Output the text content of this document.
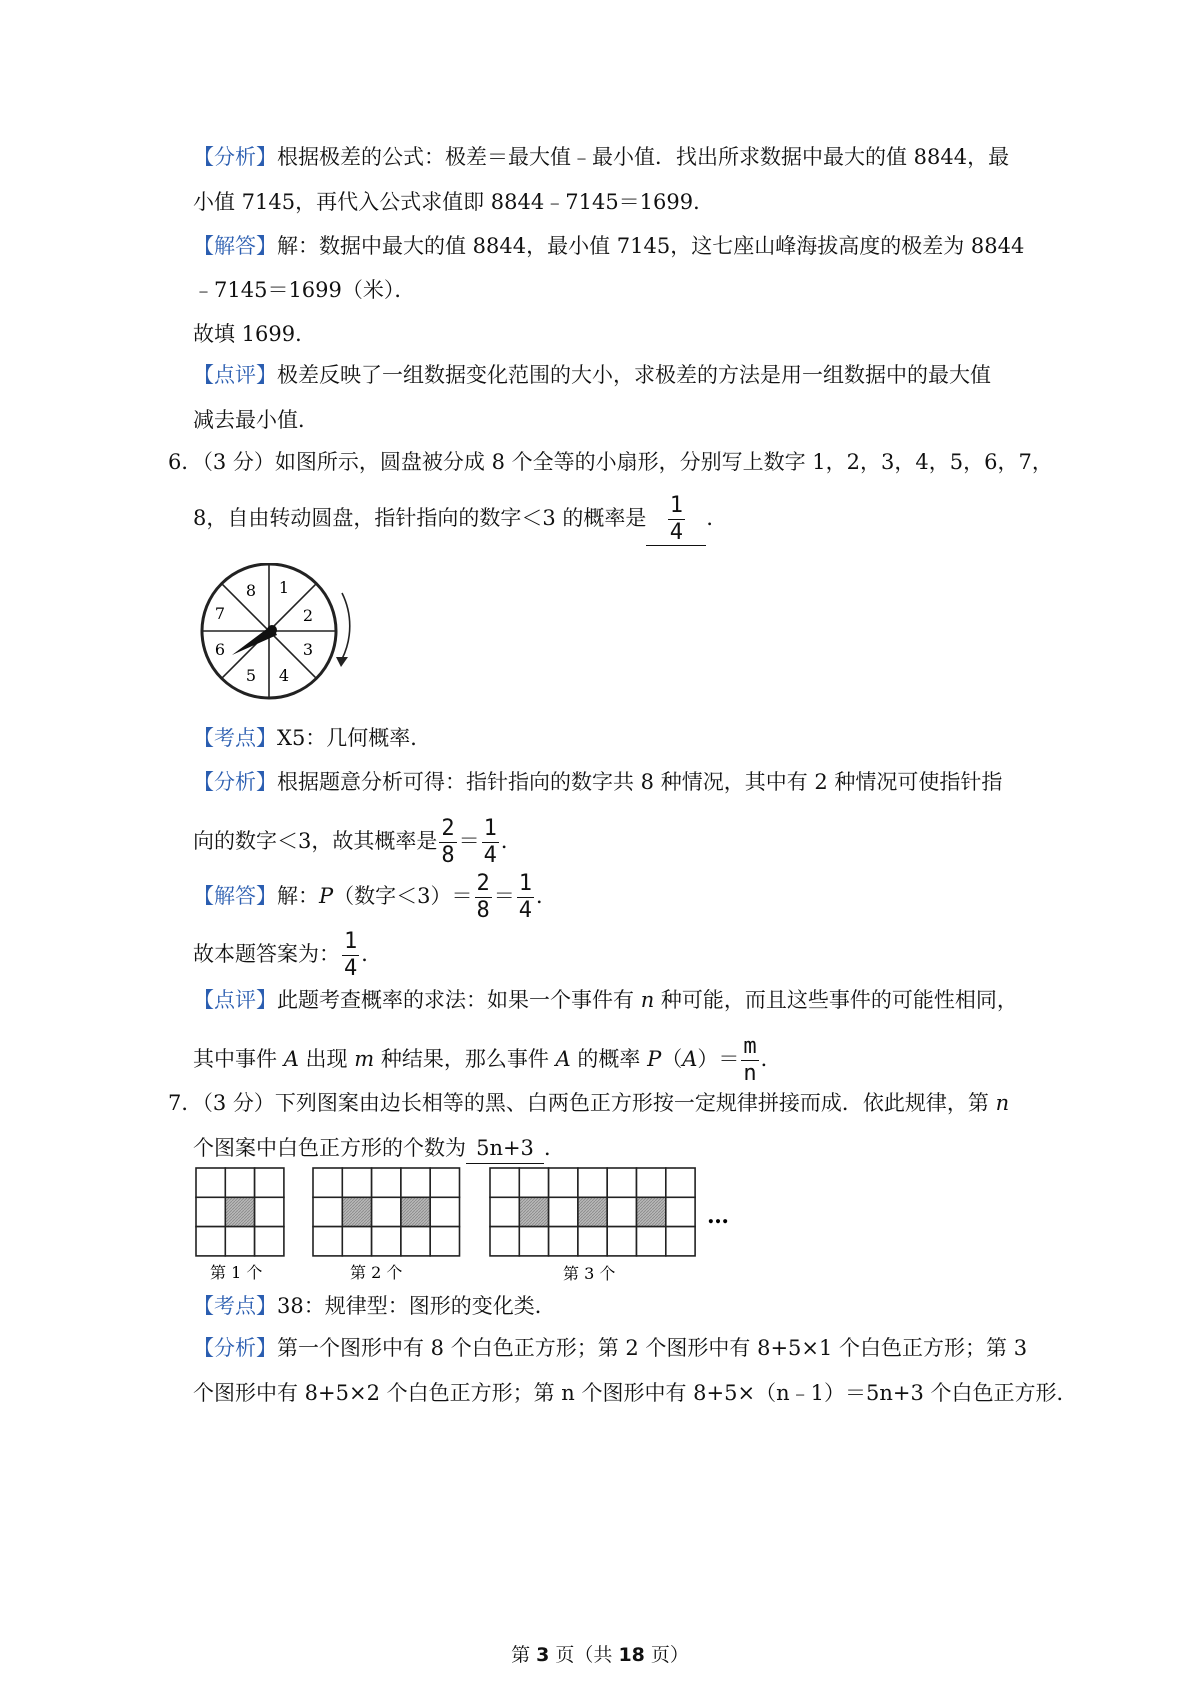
【分析】根据极差的公式：极差＝最大值﹣最小值．找出所求数据中最大的值 8844，最
小值 7145，再代入公式求值即 8844﹣7145＝1699．
【解答】解：数据中最大的值 8844，最小值 7145，这七座山峰海拔高度的极差为 8844
﹣7145＝1699（米）．
故填 1699．
【点评】极差反映了一组数据变化范围的大小，求极差的方法是用一组数据中的最大值
减去最小值．
6．（3 分）如图所示，圆盘被分成 8 个全等的小扇形，分别写上数字 1，2，3，4，5，6，7，
8，自由转动圆盘，指针指向的数字＜3 的概率是 $\frac{1}{4}$ ．
1
2
3
4
5
6
7
8
【考点】X5：几何概率．
【分析】根据题意分析可得：指针指向的数字共 8 种情况，其中有 2 种情况可使指针指
向的数字＜3，故其概率是 $\frac{2}{8} = \frac{1}{4}$ ．
【解答】解：P（数字$<3)= \frac{2}{8} = \frac{1}{4}$ ．
故本题答案为： $\frac{1}{4}$ ．
【点评】此题考查概率的求法：如果一个事件有 n 种可能，而且这些事件的可能性相同，
其中事件 A 出现 m 种结果，那么事件 A 的概率 $P(A)= \frac{m}{n}$ ．
7．（3 分）下列图案由边长相等的黑、白两色正方形按一定规律拼接而成．依此规律，第 n
个图案中白色正方形的个数为 5n+3 ．
…
第 1 个	第 2 个	第 3 个
【考点】38：规律型：图形的变化类．
【分析】第一个图形中有 8 个白色正方形；第 2 个图形中有 8+5×1 个白色正方形；第 3
个图形中有 8+5×2 个白色正方形；第 n 个图形中有 8+5×（n﹣1）＝5n+3 个白色正方形．
第 3 页（共 18 页）
